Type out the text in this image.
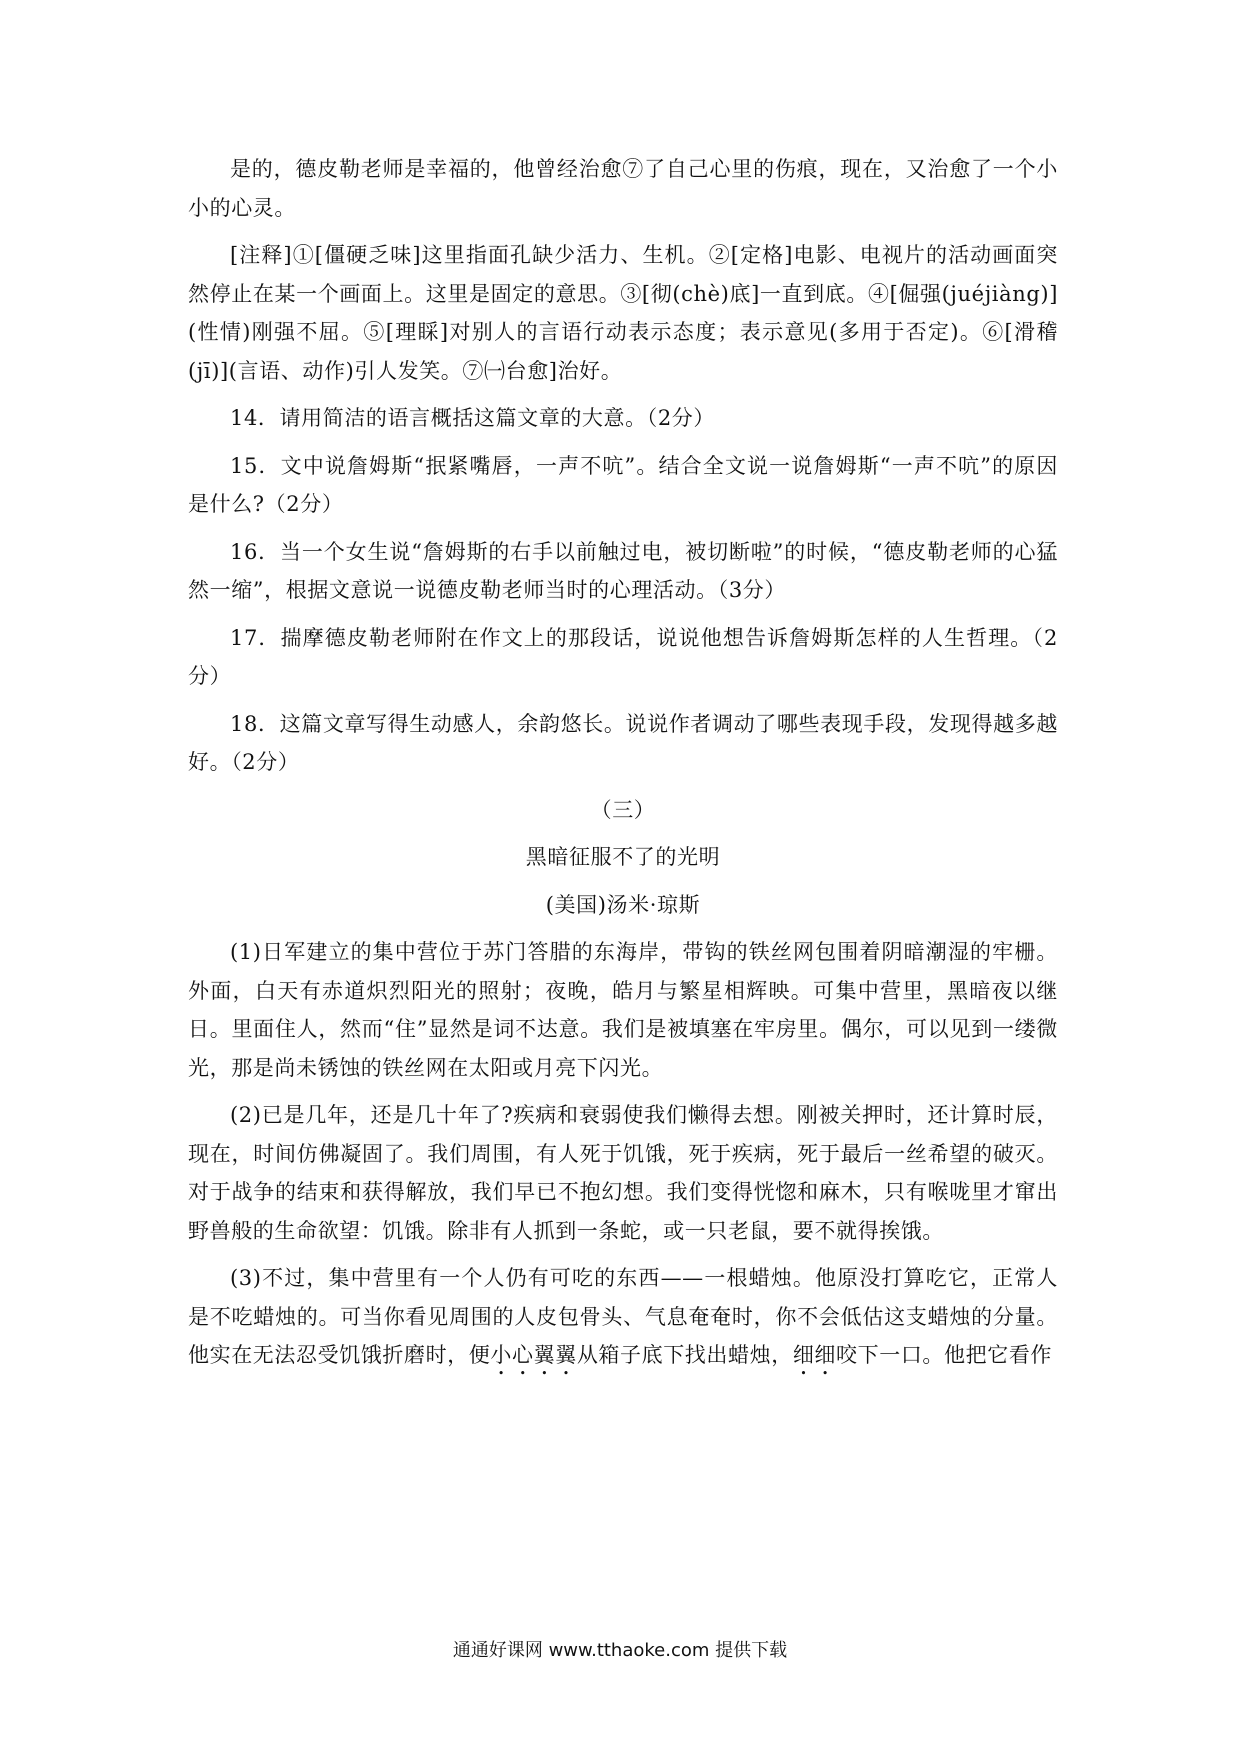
是的，德皮勒老师是幸福的，他曾经治愈⑦了自己心里的伤痕，现在，又治愈了一个小小的心灵。

[注释]①[僵硬乏味]这里指面孔缺少活力、生机。②[定格]电影、电视片的活动画面突然停止在某一个画面上。这里是固定的意思。③[彻(chè)底]一直到底。④[倔强(juéjiàng)](性情)刚强不屈。⑤[理睬]对别人的言语行动表示态度；表示意见(多用于否定)。⑥[滑稽(jī)](言语、动作)引人发笑。⑦㈠台愈]治好。

14．请用简洁的语言概括这篇文章的大意。（2分）

15．文中说詹姆斯“抿紧嘴唇，一声不吭”。结合全文说一说詹姆斯“一声不吭”的原因是什么?（2分）

16．当一个女生说“詹姆斯的右手以前触过电，被切断啦”的时候，“德皮勒老师的心猛然一缩”，根据文意说一说德皮勒老师当时的心理活动。（3分）

17．揣摩德皮勒老师附在作文上的那段话，说说他想告诉詹姆斯怎样的人生哲理。（2分）

18．这篇文章写得生动感人，余韵悠长。说说作者调动了哪些表现手段，发现得越多越好。（2分）

（三）

黑暗征服不了的光明

(美国)汤米·琼斯

(1)日军建立的集中营位于苏门答腊的东海岸，带钩的铁丝网包围着阴暗潮湿的牢栅。外面，白天有赤道炽烈阳光的照射；夜晚，皓月与繁星相辉映。可集中营里，黑暗夜以继日。里面住人，然而“住”显然是词不达意。我们是被填塞在牢房里。偶尔，可以见到一缕微光，那是尚未锈蚀的铁丝网在太阳或月亮下闪光。

(2)已是几年，还是几十年了?疾病和衰弱使我们懒得去想。刚被关押时，还计算时辰，现在，时间仿佛凝固了。我们周围，有人死于饥饿，死于疾病，死于最后一丝希望的破灭。对于战争的结束和获得解放，我们早已不抱幻想。我们变得恍惚和麻木，只有喉咙里才窜出野兽般的生命欲望：饥饿。除非有人抓到一条蛇，或一只老鼠，要不就得挨饿。

(3)不过，集中营里有一个人仍有可吃的东西——一根蜡烛。他原没打算吃它，正常人是不吃蜡烛的。可当你看见周围的人皮包骨头、气息奄奄时，你不会低估这支蜡烛的分量。他实在无法忍受饥饿折磨时，便小心翼翼从箱子底下找出蜡烛，细细咬下一口。他把它看作

通通好课网 www.tthaoke.com 提供下载
